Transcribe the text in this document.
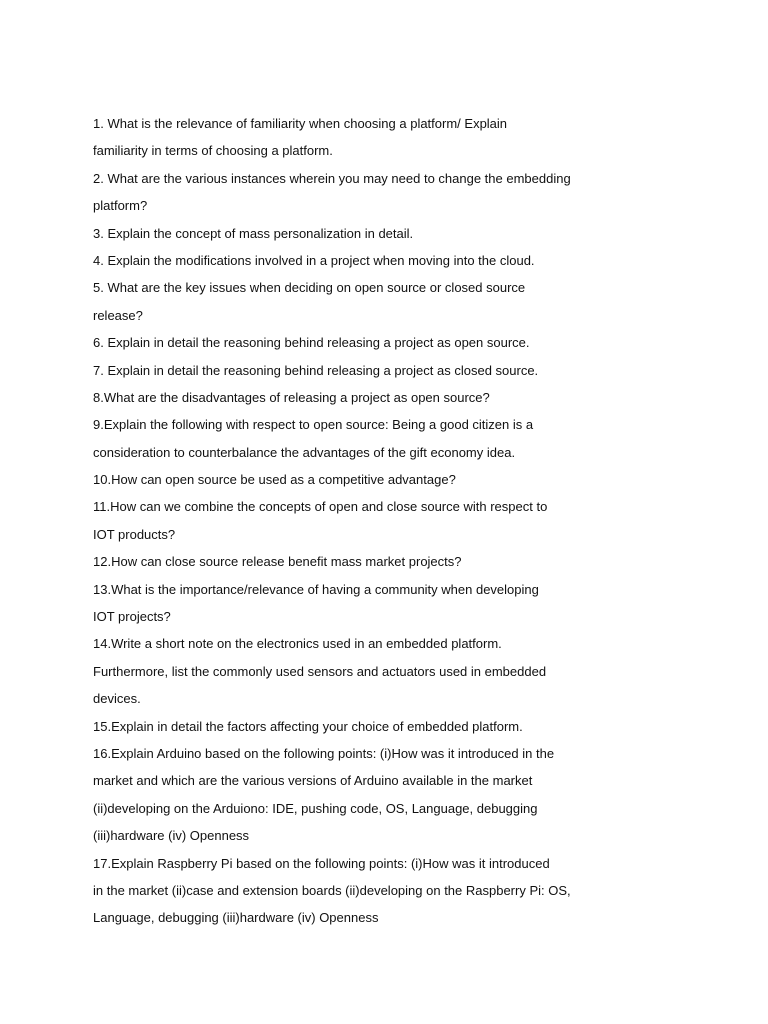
1. What is the relevance of familiarity when choosing a platform/ Explain
familiarity in terms of choosing a platform.
2. What are the various instances wherein you may need to change the embedding
platform?
3. Explain the concept of mass personalization in detail.
4. Explain the modifications involved in a project when moving into the cloud.
5. What are the key issues when deciding on open source or closed source
release?
6. Explain in detail the reasoning behind releasing a project as open source.
7. Explain in detail the reasoning behind releasing a project as closed source.
8.What are the disadvantages of releasing a project as open source?
9.Explain the following with respect to open source: Being a good citizen is a
consideration to counterbalance the advantages of the gift economy idea.
10.How can open source be used as a competitive advantage?
11.How can we combine the concepts of open and close source with respect to
IOT products?
12.How can close source release benefit mass market projects?
13.What is the importance/relevance of having a community when developing
IOT projects?
14.Write a short note on the electronics used in an embedded platform.
Furthermore, list the commonly used sensors and actuators used in embedded
devices.
15.Explain in detail the factors affecting your choice of embedded platform.
16.Explain Arduino based on the following points: (i)How was it introduced in the
market and which are the various versions of Arduino available in the market
(ii)developing on the Arduiono: IDE, pushing code, OS, Language, debugging
(iii)hardware (iv) Openness
17.Explain Raspberry Pi based on the following points: (i)How was it introduced
in the market (ii)case and extension boards (ii)developing on the Raspberry Pi: OS,
Language, debugging (iii)hardware (iv) Openness
